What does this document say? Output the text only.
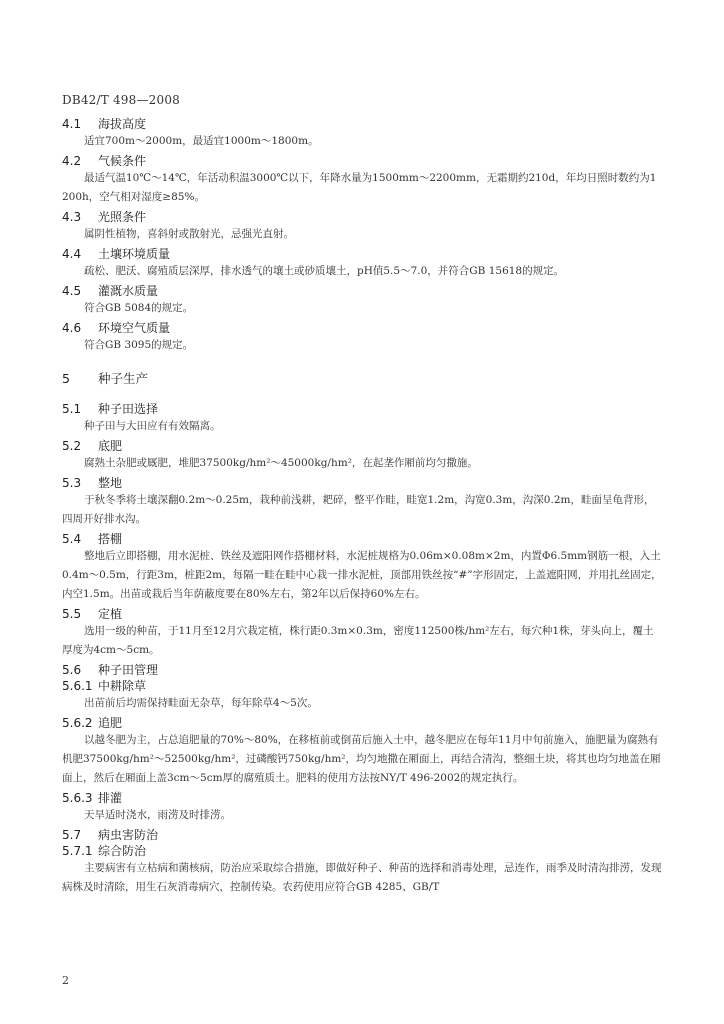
DB42/T 498—2008
4.1 海拔高度

适宜700m～2000m，最适宜1000m～1800m。

4.2 气候条件

最适气温10℃～14℃，年活动积温3000℃以下，年降水量为1500mm～2200mm，无霜期约210d，年均日照时数约为1200h，空气相对湿度≥85%。

4.3 光照条件

属阴性植物，喜斜射或散射光，忌强光直射。

4.4 土壤环境质量

疏松、肥沃、腐殖质层深厚，排水透气的壤土或砂质壤土，pH值5.5～7.0，并符合GB 15618的规定。

4.5 灌溉水质量

符合GB 5084的规定。

4.6 环境空气质量

符合GB 3095的规定。

5 种子生产
5.1 种子田选择

种子田与大田应有有效隔离。

5.2 底肥

腐熟土杂肥或厩肥，堆肥37500kg/hm²～45000kg/hm²，在起垄作厢前均匀撒施。

5.3 整地

于秋冬季将土壤深翻0.2m～0.25m，栽种前浅耕，耙碎，整平作畦，畦宽1.2m，沟宽0.3m，沟深0.2m，畦面呈龟背形，四周开好排水沟。

5.4 搭棚

整地后立即搭棚，用水泥桩、铁丝及遮阳网作搭棚材料，水泥桩规格为0.06m×0.08m×2m，内置Φ6.5mm钢筋一根，入土0.4m～0.5m，行距3m，桩距2m，每隔一畦在畦中心栽一排水泥桩，顶部用铁丝按“#”字形固定，上盖遮阳网，并用扎丝固定，内空1.5m。出苗或栽后当年荫蔽度要在80%左右，第2年以后保持60%左右。

5.5 定植

选用一级的种苗，于11月至12月穴栽定植，株行距0.3m×0.3m，密度112500株/hm²左右，每穴种1株，芽头向上，覆土厚度为4cm～5cm。

5.6 种子田管理
5.6.1 中耕除草

出苗前后均需保持畦面无杂草，每年除草4～5次。

5.6.2 追肥

以越冬肥为主，占总追肥量的70%～80%，在移植前或倒苗后施入土中，越冬肥应在每年11月中旬前施入，施肥量为腐熟有机肥37500kg/hm²～52500kg/hm²，过磷酸钙750kg/hm²，均匀地撒在厢面上，再结合清沟，整细土块，将其也均匀地盖在厢面上，然后在厢面上盖3cm～5cm厚的腐殖质土。肥料的使用方法按NY/T 496-2002的规定执行。

5.6.3 排灌

天旱适时浇水，雨涝及时排涝。

5.7 病虫害防治
5.7.1 综合防治

主要病害有立枯病和菌核病，防治应采取综合措施，即做好种子、种苗的选择和消毒处理，忌连作，雨季及时清沟排涝，发现病株及时清除，用生石灰消毒病穴，控制传染。农药使用应符合GB 4285、GB/T

2
